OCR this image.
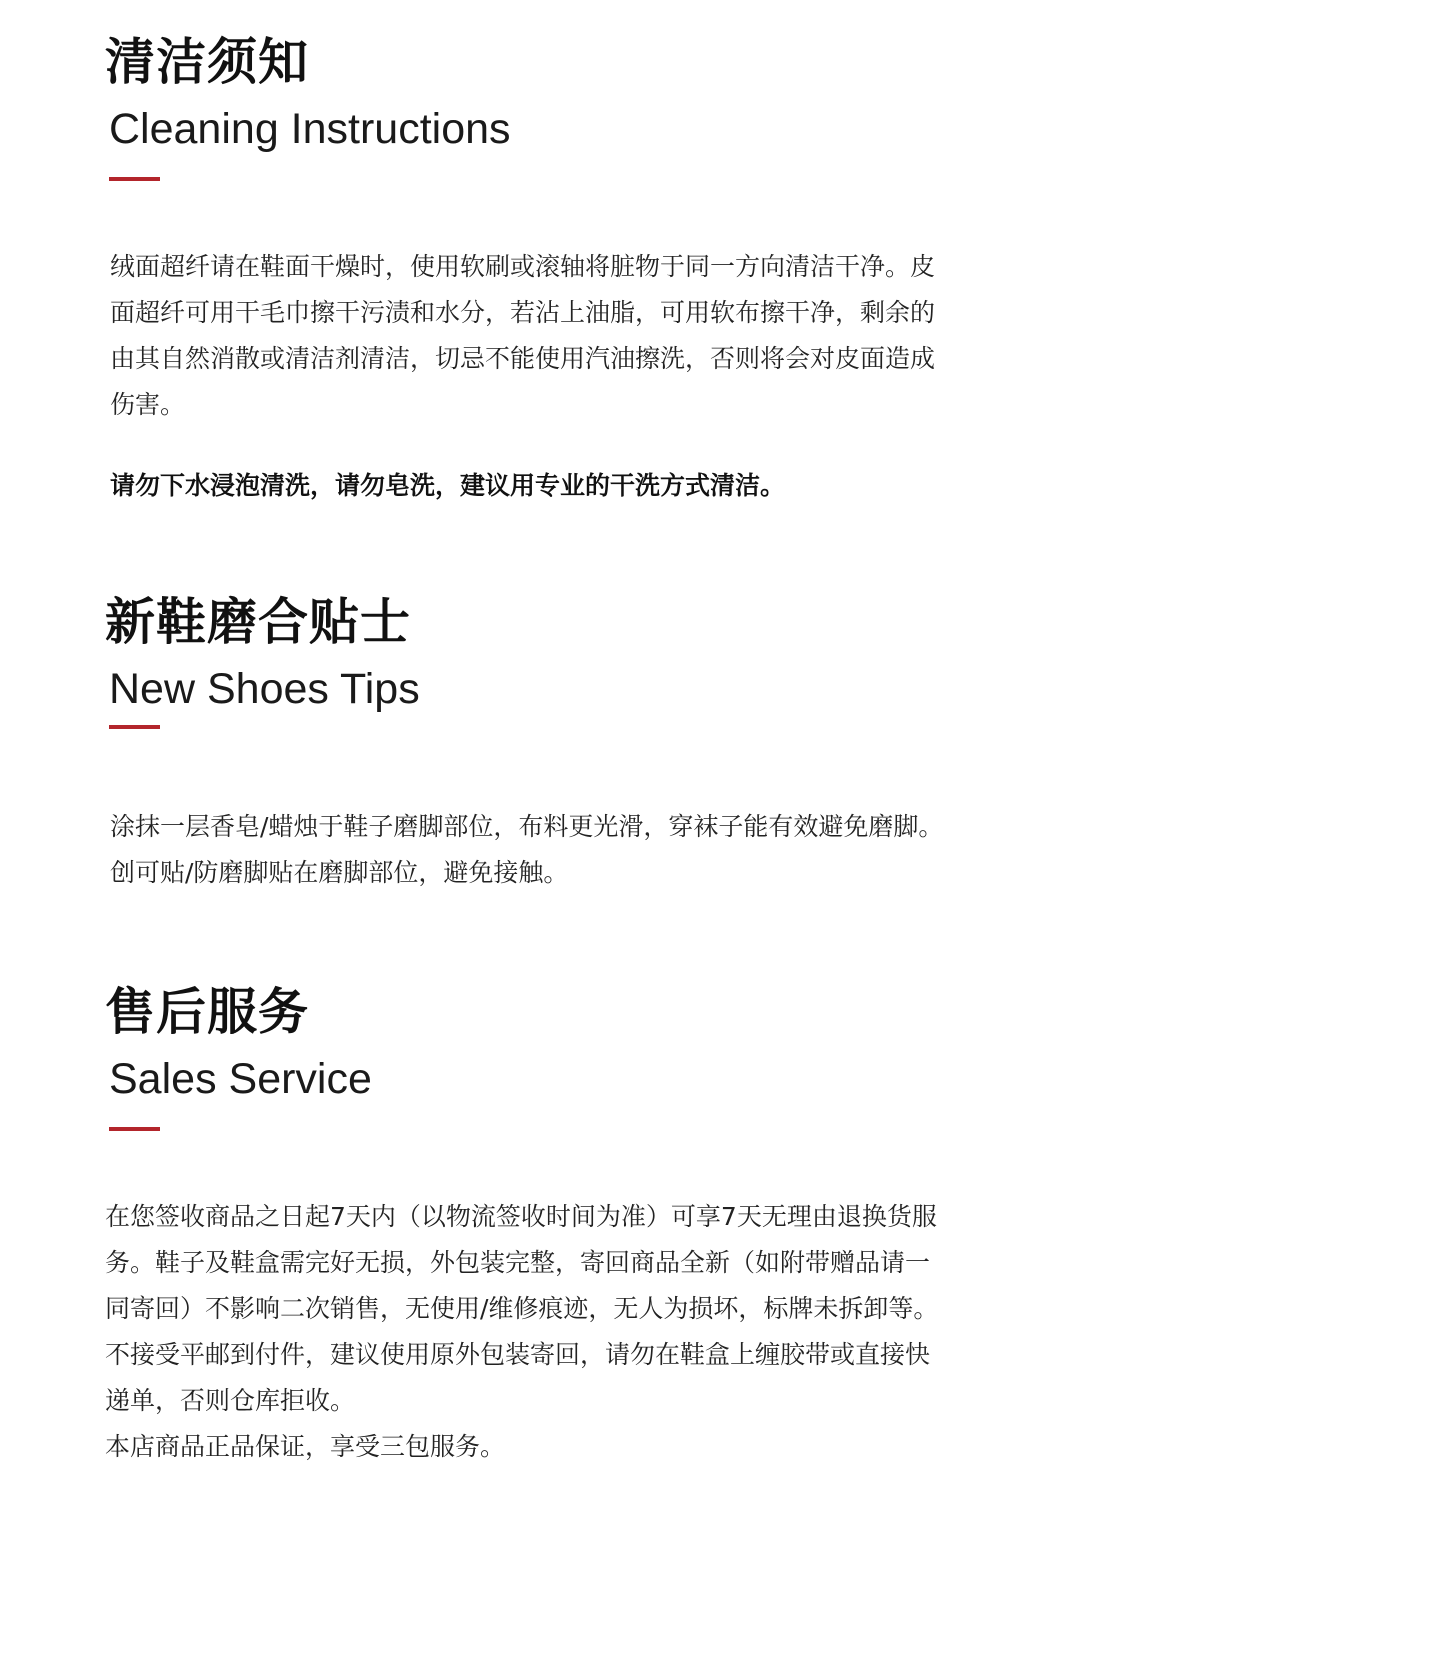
清洁须知
Cleaning Instructions
绒面超纤请在鞋面干燥时，使用软刷或滚轴将脏物于同一方向清洁干净。皮
面超纤可用干毛巾擦干污渍和水分，若沾上油脂，可用软布擦干净，剩余的
由其自然消散或清洁剂清洁，切忌不能使用汽油擦洗，否则将会对皮面造成
伤害。

请勿下水浸泡清洗，请勿皂洗，建议用专业的干洗方式清洁。

新鞋磨合贴士
New Shoes Tips
涂抹一层香皂/蜡烛于鞋子磨脚部位，布料更光滑，穿袜子能有效避免磨脚。
创可贴/防磨脚贴在磨脚部位，避免接触。
售后服务
Sales Service
在您签收商品之日起7天内（以物流签收时间为准）可享7天无理由退换货服
务。鞋子及鞋盒需完好无损，外包装完整，寄回商品全新（如附带赠品请一
同寄回）不影响二次销售，无使用/维修痕迹，无人为损坏，标牌未拆卸等。
不接受平邮到付件，建议使用原外包装寄回，请勿在鞋盒上缠胶带或直接快
递单，否则仓库拒收。
本店商品正品保证，享受三包服务。
